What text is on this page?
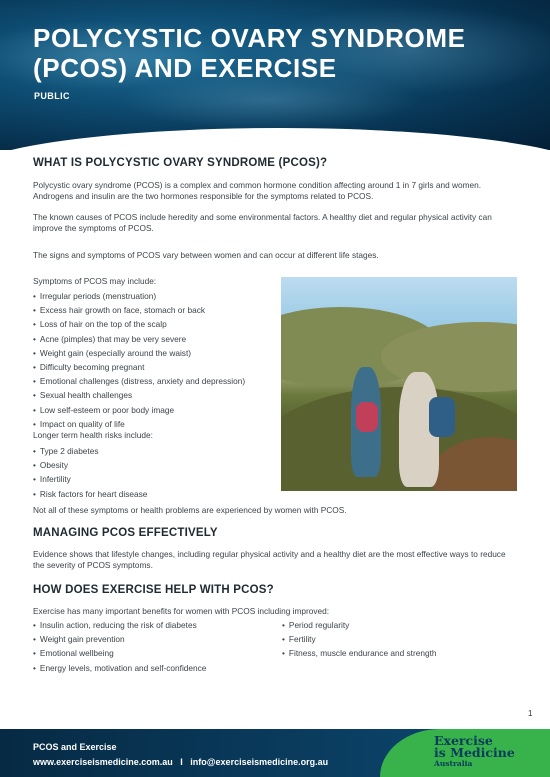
POLYCYSTIC OVARY SYNDROME
(PCOS) AND EXERCISE
PUBLIC
WHAT IS POLYCYSTIC OVARY SYNDROME (PCOS)?

Polycystic ovary syndrome (PCOS) is a complex and common hormone condition affecting around 1 in 7 girls and women. Androgens and insulin are the two hormones responsible for the symptoms related to PCOS.

The known causes of PCOS include heredity and some environmental factors. A healthy diet and regular physical activity can improve the symptoms of PCOS.

The signs and symptoms of PCOS vary between women and can occur at different life stages.

Symptoms of PCOS may include:

• Irregular periods (menstruation)
• Excess hair growth on face, stomach or back
• Loss of hair on the top of the scalp
• Acne (pimples) that may be very severe
• Weight gain (especially around the waist)
• Difficulty becoming pregnant
• Emotional challenges (distress, anxiety and depression)
• Sexual health challenges
• Low self-esteem or poor body image
• Impact on quality of life

Longer term health risks include:

• Type 2 diabetes
• Obesity
• Infertility
• Risk factors for heart disease

Not all of these symptoms or health problems are experienced by women with PCOS.

MANAGING PCOS EFFECTIVELY

Evidence shows that lifestyle changes, including regular physical activity and a healthy diet are the most effective ways to reduce the severity of PCOS symptoms.

HOW DOES EXERCISE HELP WITH PCOS?

Exercise has many important benefits for women with PCOS including improved:

• Insulin action, reducing the risk of diabetes
• Weight gain prevention
• Emotional wellbeing
• Energy levels, motivation and self-confidence
• Period regularity
• Fertility
• Fitness, muscle endurance and strength
1
PCOS and Exercise
www.exerciseismedicine.com.au I info@exerciseismedicine.org.au
Exercise
is Medicine
Australia
